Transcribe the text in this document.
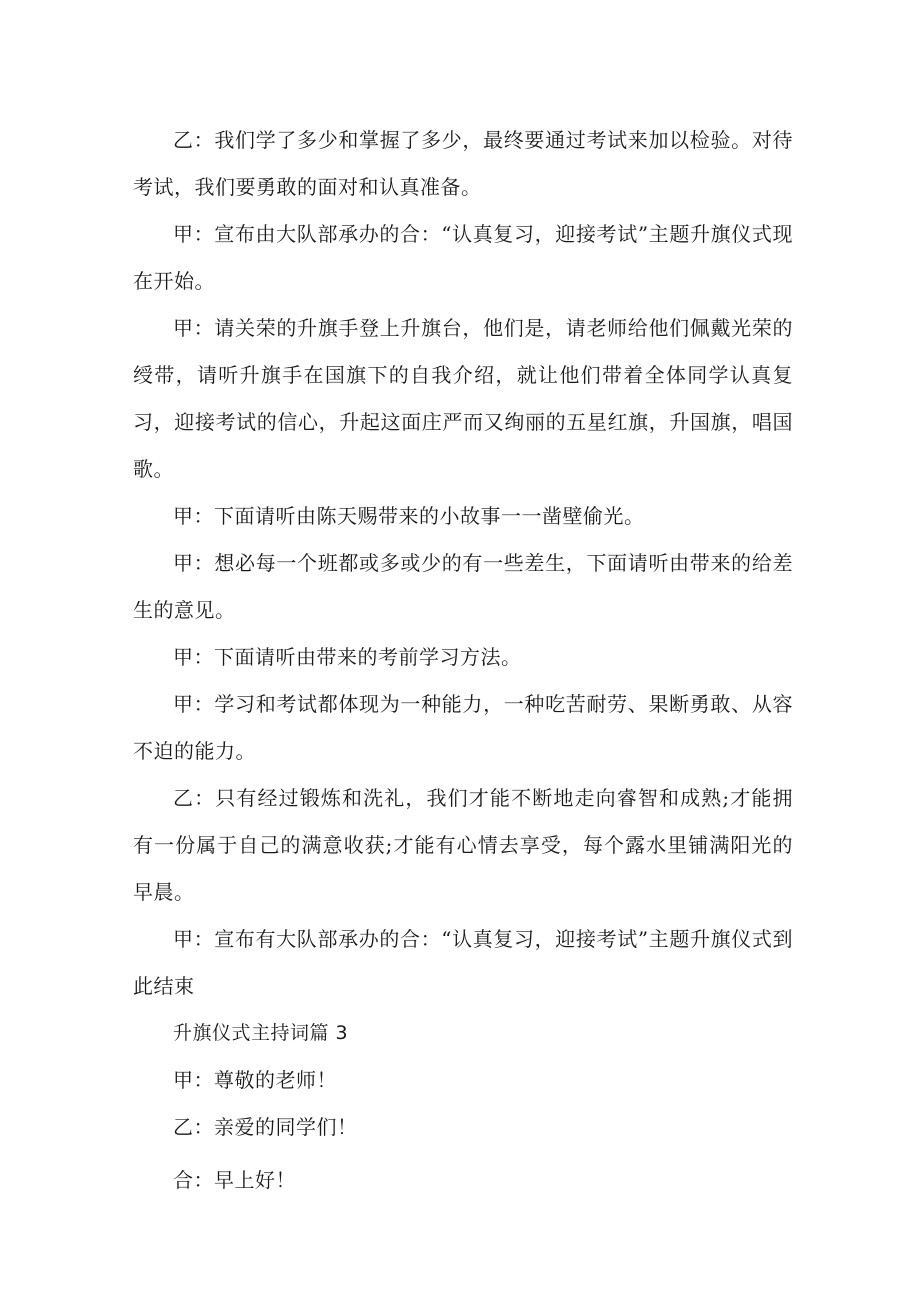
乙：我们学了多少和掌握了多少，最终要通过考试来加以检验。对待考试，我们要勇敢的面对和认真准备。

甲：宣布由大队部承办的合：“认真复习，迎接考试”主题升旗仪式现在开始。

甲：请关荣的升旗手登上升旗台，他们是，请老师给他们佩戴光荣的绶带，请听升旗手在国旗下的自我介绍，就让他们带着全体同学认真复习，迎接考试的信心，升起这面庄严而又绚丽的五星红旗，升国旗，唱国歌。

甲：下面请听由陈天赐带来的小故事一一凿壁偷光。

甲：想必每一个班都或多或少的有一些差生，下面请听由带来的给差生的意见。

甲：下面请听由带来的考前学习方法。

甲：学习和考试都体现为一种能力，一种吃苦耐劳、果断勇敢、从容不迫的能力。

乙：只有经过锻炼和洗礼，我们才能不断地走向睿智和成熟;才能拥有一份属于自己的满意收获;才能有心情去享受，每个露水里铺满阳光的早晨。

甲：宣布有大队部承办的合：“认真复习，迎接考试”主题升旗仪式到此结束

升旗仪式主持词篇 3

甲：尊敬的老师！

乙：亲爱的同学们！

合：早上好！
